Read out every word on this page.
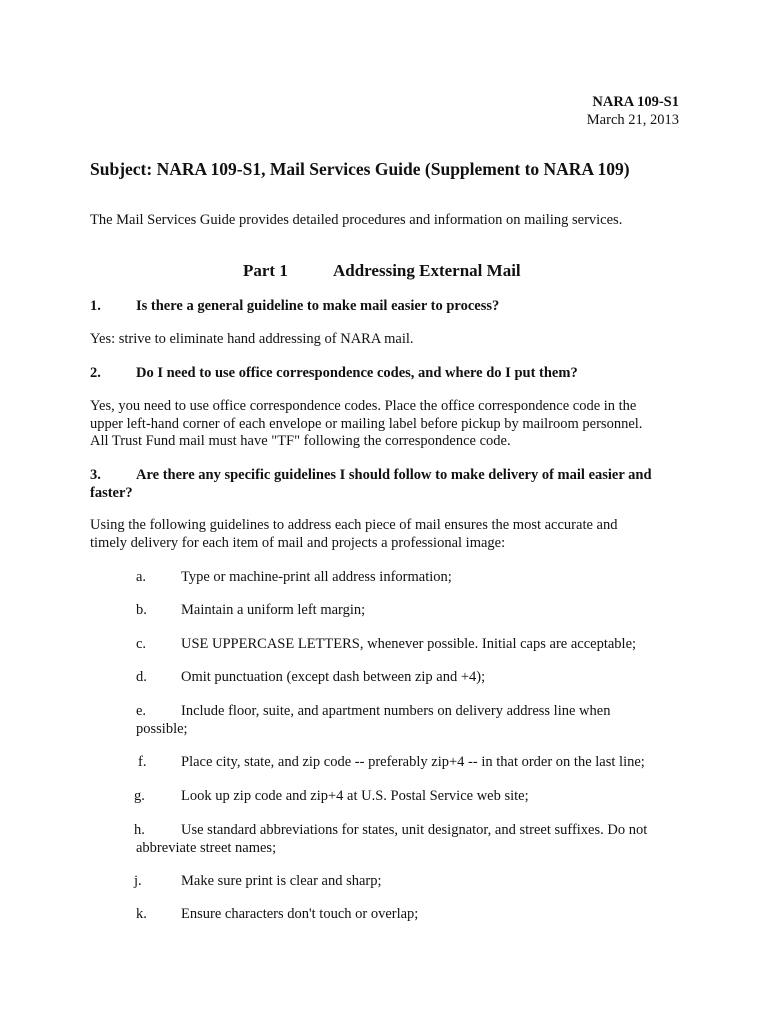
NARA 109-S1
March 21, 2013
Subject: NARA 109-S1, Mail Services Guide (Supplement to NARA 109)
The Mail Services Guide provides detailed procedures and information on mailing services.
Part 1	Addressing External Mail
1. Is there a general guideline to make mail easier to process?
Yes: strive to eliminate hand addressing of NARA mail.
2. Do I need to use office correspondence codes, and where do I put them?
Yes, you need to use office correspondence codes. Place the office correspondence code in the
upper left-hand corner of each envelope or mailing label before pickup by mailroom personnel.
All Trust Fund mail must have "TF" following the correspondence code.
3. Are there any specific guidelines I should follow to make delivery of mail easier and
faster?
Using the following guidelines to address each piece of mail ensures the most accurate and
timely delivery for each item of mail and projects a professional image:
a. Type or machine-print all address information;
b. Maintain a uniform left margin;
c. USE UPPERCASE LETTERS, whenever possible. Initial caps are acceptable;
d. Omit punctuation (except dash between zip and +4);
e. Include floor, suite, and apartment numbers on delivery address line when
possible;
f. Place city, state, and zip code -- preferably zip+4 -- in that order on the last line;
g. Look up zip code and zip+4 at U.S. Postal Service web site;
h. Use standard abbreviations for states, unit designator, and street suffixes. Do not
abbreviate street names;
j.	Make sure print is clear and sharp;
k. Ensure characters don't touch or overlap;
